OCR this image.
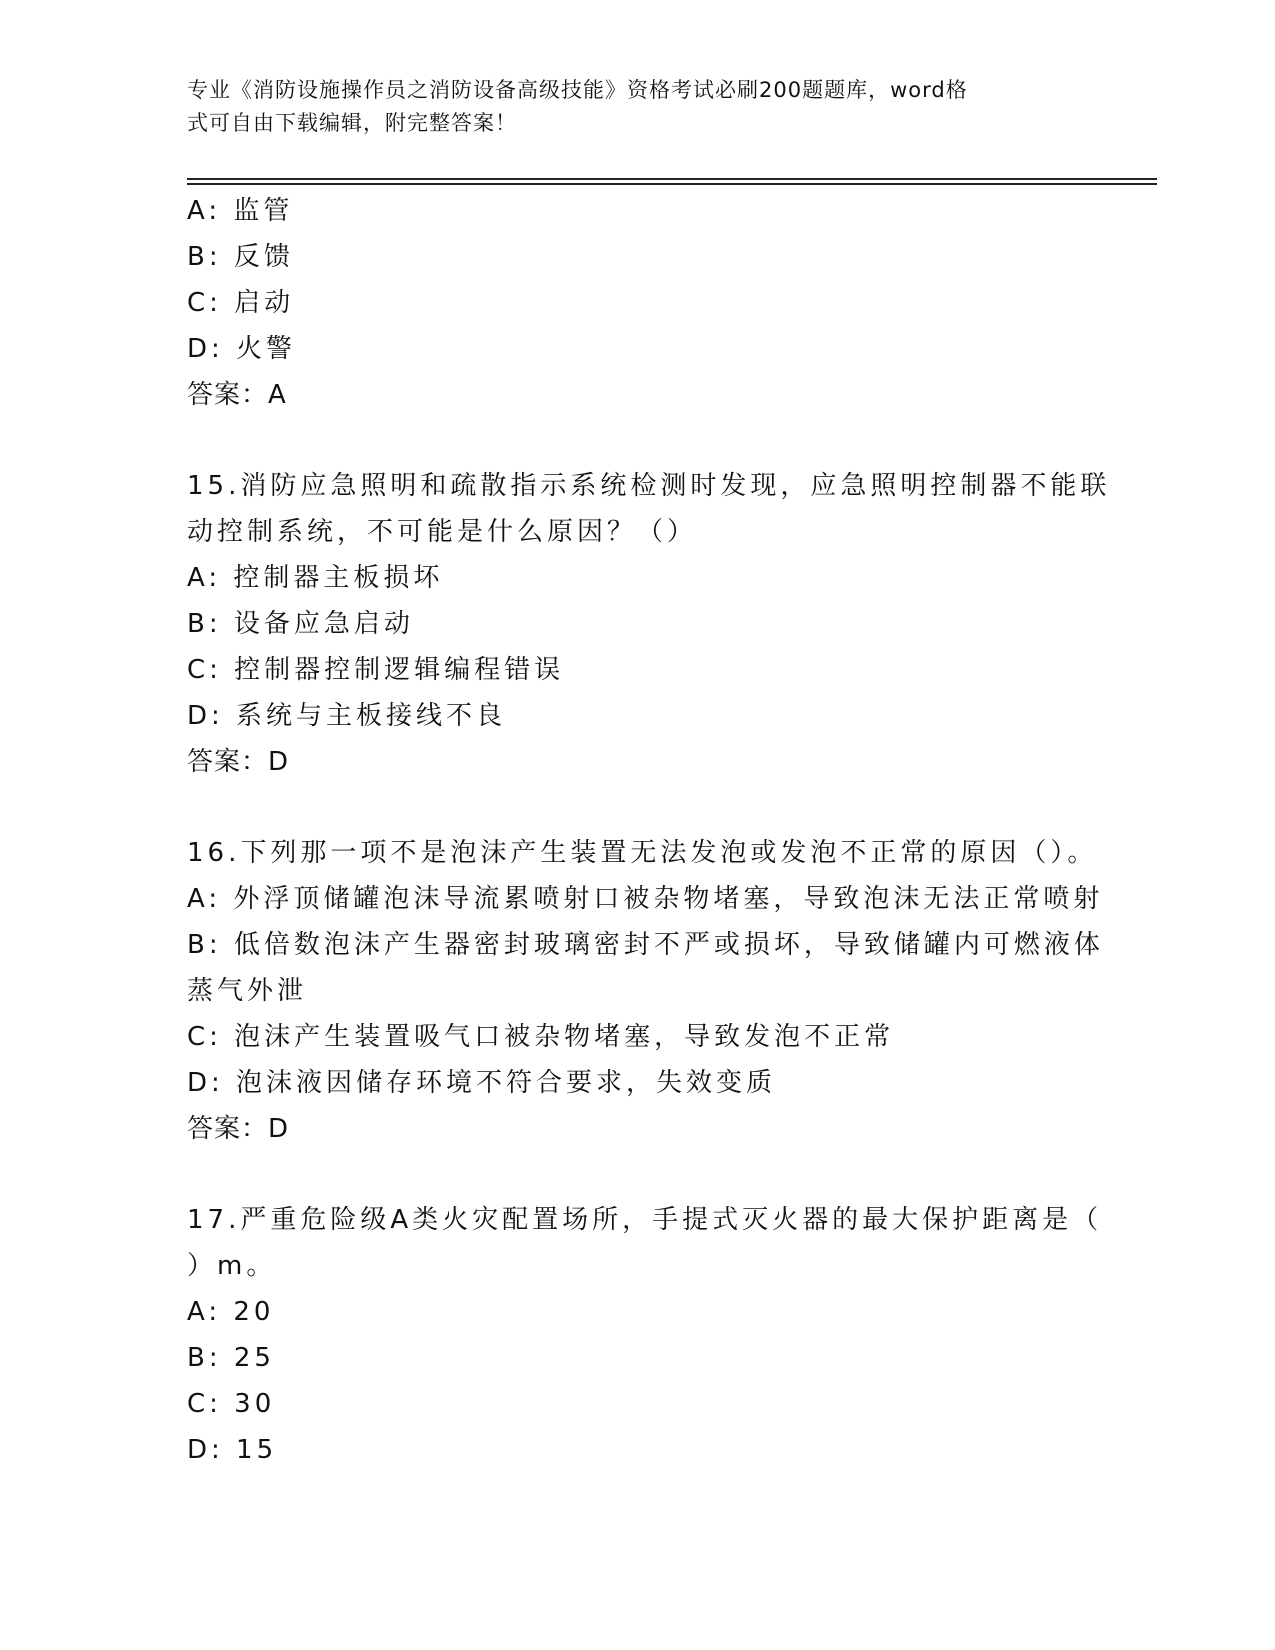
专业《消防设施操作员之消防设备高级技能》资格考试必刷200题题库，word格
式可自由下载编辑，附完整答案！
A: 监管
B: 反馈
C: 启动
D: 火警
答案：A
15.消防应急照明和疏散指示系统检测时发现，应急照明控制器不能联
动控制系统，不可能是什么原因？（）
A: 控制器主板损坏
B: 设备应急启动
C: 控制器控制逻辑编程错误
D: 系统与主板接线不良
答案：D
16.下列那一项不是泡沫产生装置无法发泡或发泡不正常的原因（）。
A: 外浮顶储罐泡沫导流累喷射口被杂物堵塞，导致泡沫无法正常喷射
B: 低倍数泡沫产生器密封玻璃密封不严或损坏，导致储罐内可燃液体
蒸气外泄
C: 泡沫产生装置吸气口被杂物堵塞，导致发泡不正常
D: 泡沫液因储存环境不符合要求，失效变质
答案：D
17.严重危险级A类火灾配置场所，手提式灭火器的最大保护距离是（
）m。
A: 20
B: 25
C: 30
D: 15
